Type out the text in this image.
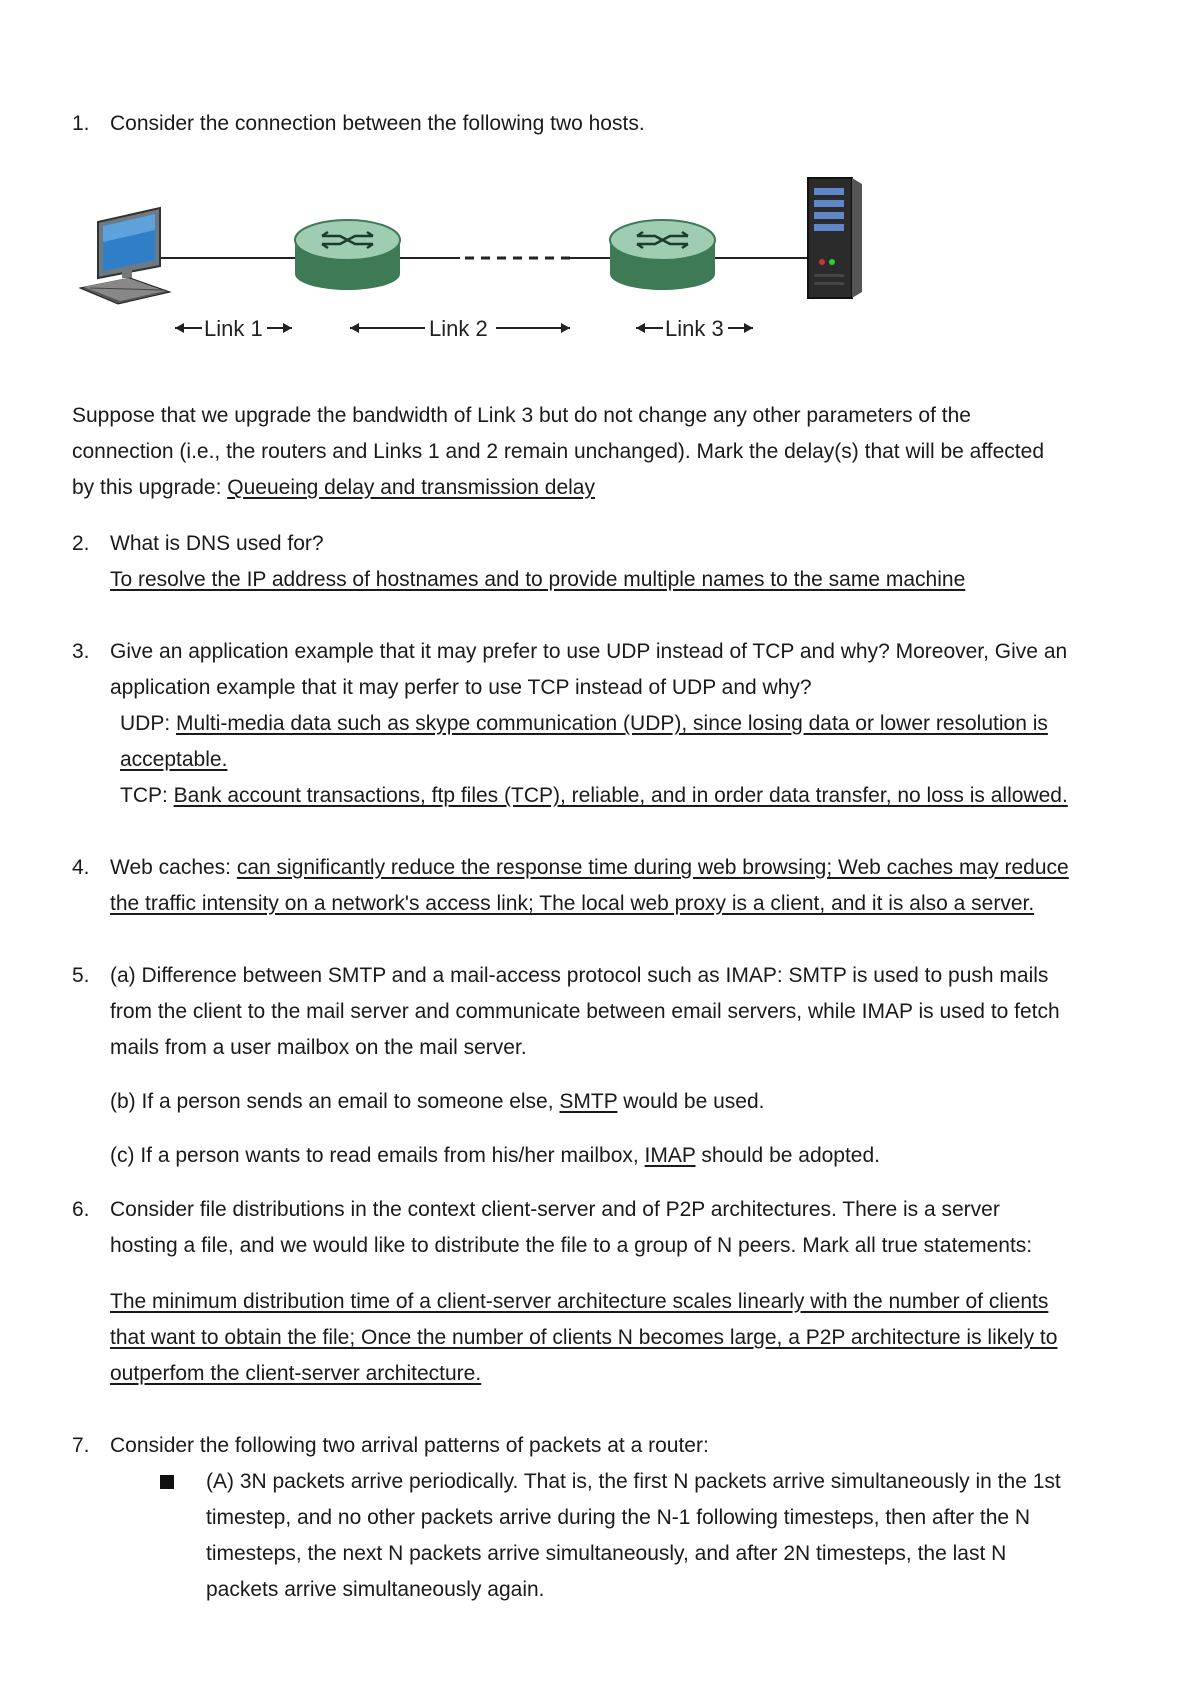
1. Consider the connection between the following two hosts.
Link 1	Link 2	Link 3
Suppose that we upgrade the bandwidth of Link 3 but do not change any other parameters of the
connection (i.e., the routers and Links 1 and 2 remain unchanged). Mark the delay(s) that will be affected
by this upgrade: Queueing delay and transmission delay
2. What is DNS used for?
To resolve the IP address of hostnames and to provide multiple names to the same machine
3. Give an application example that it may prefer to use UDP instead of TCP and why? Moreover, Give an
application example that it may perfer to use TCP instead of UDP and why?
UDP: Multi-media data such as skype communication (UDP), since losing data or lower resolution is
acceptable.
TCP: Bank account transactions, ftp files (TCP), reliable, and in order data transfer, no loss is allowed.
4. Web caches: can significantly reduce the response time during web browsing; Web caches may reduce
the traffic intensity on a network's access link; The local web proxy is a client, and it is also a server.
5. (a) Difference between SMTP and a mail-access protocol such as IMAP: SMTP is used to push mails
from the client to the mail server and communicate between email servers, while IMAP is used to fetch
mails from a user mailbox on the mail server.
(b) If a person sends an email to someone else, SMTP would be used.
(c) If a person wants to read emails from his/her mailbox, IMAP should be adopted.
6. Consider file distributions in the context client-server and of P2P architectures. There is a server
hosting a file, and we would like to distribute the file to a group of N peers. Mark all true statements:
The minimum distribution time of a client-server architecture scales linearly with the number of clients
that want to obtain the file; Once the number of clients N becomes large, a P2P architecture is likely to
outperfom the client-server architecture.
7. Consider the following two arrival patterns of packets at a router:
(A) 3N packets arrive periodically. That is, the first N packets arrive simultaneously in the 1st
timestep, and no other packets arrive during the N-1 following timesteps, then after the N
timesteps, the next N packets arrive simultaneously, and after 2N timesteps, the last N
packets arrive simultaneously again.
